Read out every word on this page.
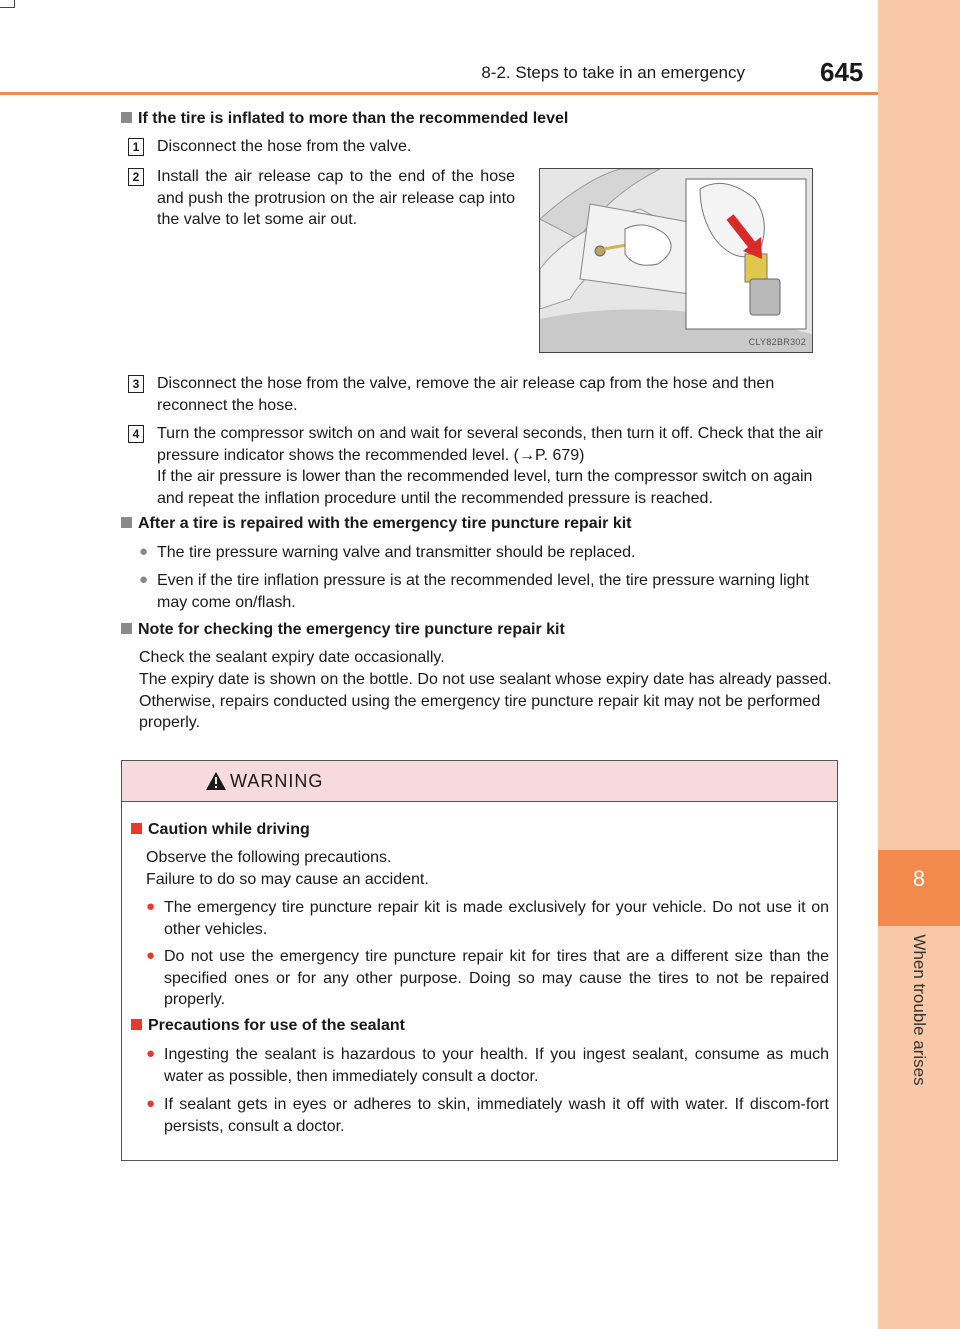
8
When trouble arises
8-2. Steps to take in an emergency	645
If the tire is inflated to more than the recommended level
1 Disconnect the hose from the valve.
2 Install the air release cap to the end of the hose and push the protrusion on the air release cap into the valve to let some air out.
CLY82BR302
3 Disconnect the hose from the valve, remove the air release cap from the hose and then reconnect the hose.
4 Turn the compressor switch on and wait for several seconds, then turn it off. Check that the air pressure indicator shows the recommended level. (→P. 679)
If the air pressure is lower than the recommended level, turn the compressor switch on again and repeat the inflation procedure until the recommended pressure is reached.
After a tire is repaired with the emergency tire puncture repair kit
● The tire pressure warning valve and transmitter should be replaced.
● Even if the tire inflation pressure is at the recommended level, the tire pressure warning light may come on/flash.
Note for checking the emergency tire puncture repair kit
Check the sealant expiry date occasionally.
The expiry date is shown on the bottle. Do not use sealant whose expiry date has already passed. Otherwise, repairs conducted using the emergency tire puncture repair kit may not be performed properly.
WARNING
Caution while driving
Observe the following precautions.
Failure to do so may cause an accident.
● The emergency tire puncture repair kit is made exclusively for your vehicle. Do not use it on other vehicles.
● Do not use the emergency tire puncture repair kit for tires that are a different size than the specified ones or for any other purpose. Doing so may cause the tires to not be repaired properly.
Precautions for use of the sealant
● Ingesting the sealant is hazardous to your health. If you ingest sealant, consume as much water as possible, then immediately consult a doctor.
● If sealant gets in eyes or adheres to skin, immediately wash it off with water. If discom-fort persists, consult a doctor.
